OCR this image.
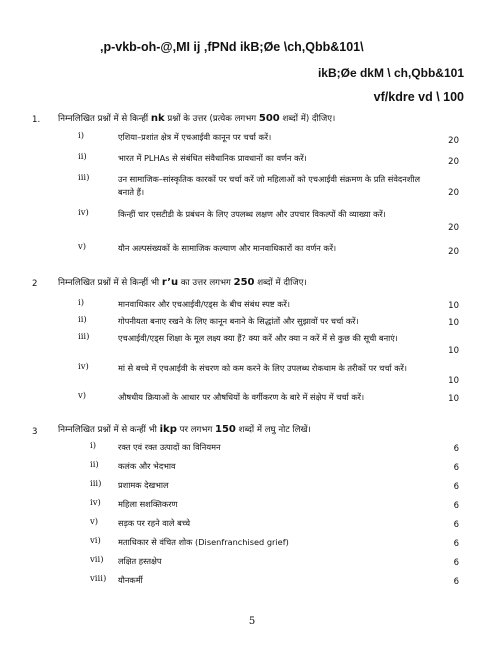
,p-vkb-oh-@,MΙ ij ,fPNd ikB;Øe \ch,Qbb&101\
ikB;Øe dkM \ ch,Qbb&101
vf/kdre vd \ 100
1. निम्नलिखित प्रश्नों में से किन्हीं nk प्रश्नों के उत्तर (प्रत्येक लगभग 500 शब्दों में) दीजिए।
i)	एशिया–प्रशांत क्षेत्र में एचआईवी कानून पर चर्चा करें।	20
ii)	भारत में PLHAs से संबंधित संवैधानिक प्रावधानों का वर्णन करें।	20
iii)	उन सामाजिक–सांस्कृतिक कारकों पर चर्चा करें जो महिलाओं को एचआईवी संक्रमण के प्रति संवेदनशील बनाते हैं।	20
iv)	किन्हीं चार एसटीडी के प्रबंधन के लिए उपलब्ध लक्षण और उपचार विकल्पों की व्याख्या करें।
20
v)	यौन अल्पसंख्यकों के सामाजिक कल्याण और मानवाधिकारों का वर्णन करें।	20
2 निम्नलिखित प्रश्नों में से किन्हीं भी r’u का उत्तर लगभग 250 शब्दों में दीजिए।
i)	मानवाधिकार और एचआईवी/एड्स के बीच संबंध स्पष्ट करें।	10
ii)	गोपनीयता बनाए रखने के लिए कानून बनाने के सिद्धांतों और सुझावों पर चर्चा करें।	10
iii)	एचआईवी/एड्स शिक्षा के मूल लक्ष्य क्या हैं? क्या करें और क्या न करें में से कुछ की सूची बनाएं।
10
iv)	मां से बच्चे में एचआईवी के संचरण को कम करने के लिए उपलब्ध रोकथाम के तरीकों पर चर्चा करें।
10
v)	औषधीय क्रियाओं के आधार पर औषधियों के वर्गीकरण के बारे में संक्षेप में चर्चा करें।	10
3 निम्नलिखित प्रश्नों में से कन्हीं भी ikp पर लगभग 150 शब्दों में लघु नोट लिखें।
i)	रक्त एवं रक्त उत्पादों का विनियमन	6
ii) कलंक और भेदभाव	6
iii) प्रशामक देखभाल	6
iv) महिला सशक्तिकरण	6
v) सड़क पर रहने वाले बच्चे	6
vi) मताधिकार से वंचित शोक (Disenfranchised grief)	6
vii) लक्षित हस्तक्षेप	6
viii) यौनकर्मी	6
5
